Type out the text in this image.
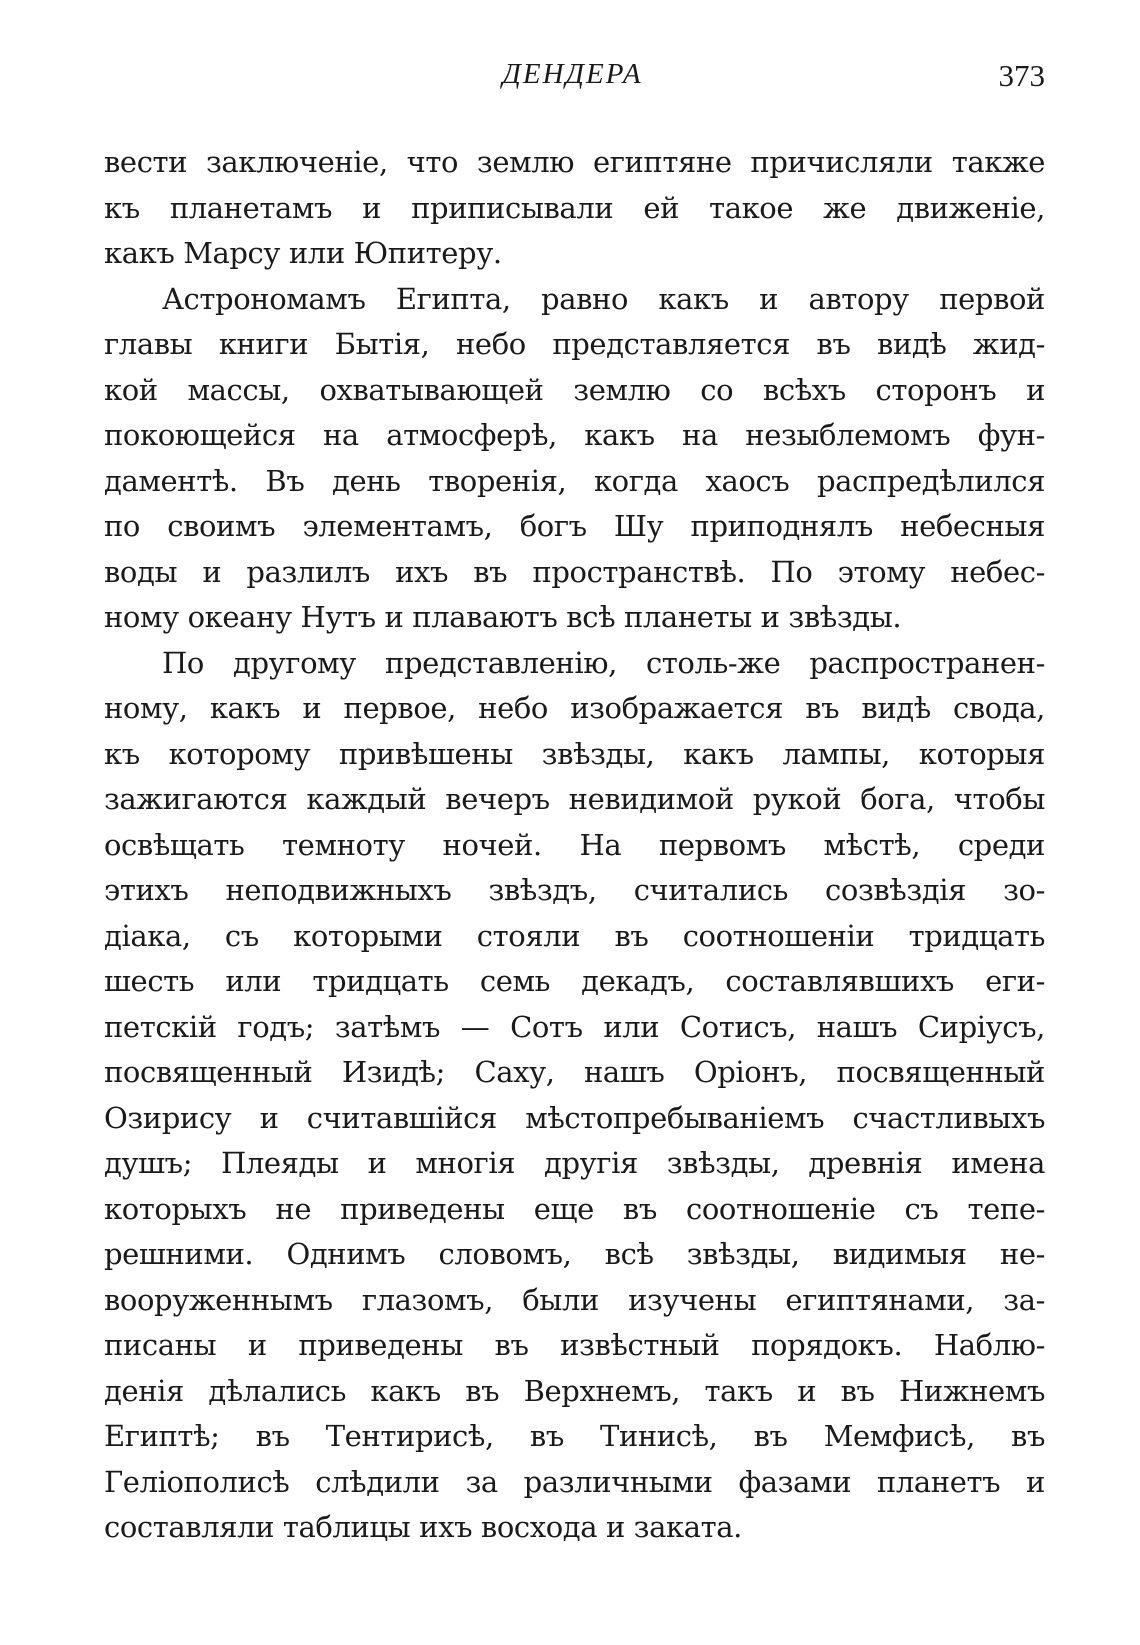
ДЕНДЕРА	373
вести заключеніе, что землю египтяне причисляли также
къ планетамъ и приписывали ей такое же движеніе,
какъ Марсу или Юпитеру.
Астрономамъ Египта, равно какъ и автору первой
главы книги Бытія, небо представляется въ видѣ жид-
кой массы, охватывающей землю со всѣхъ сторонъ и
покоющейся на атмосферѣ, какъ на незыблемомъ фун-
даментѣ. Въ день творенія, когда хаосъ распредѣлился
по своимъ элементамъ, богъ Шу приподнялъ небесныя
воды и разлилъ ихъ въ пространствѣ. По этому небес-
ному океану Нутъ и плаваютъ всѣ планеты и звѣзды.
По другому представленію, столь-же распространен-
ному, какъ и первое, небо изображается въ видѣ свода,
къ которому привѣшены звѣзды, какъ лампы, которыя
зажигаются каждый вечеръ невидимой рукой бога, чтобы
освѣщать темноту ночей. На первомъ мѣстѣ, среди
этихъ неподвижныхъ звѣздъ, считались созвѣздія зо-
діака, съ которыми стояли въ соотношеніи тридцать
шесть или тридцать семь декадъ, составлявшихъ еги-
петскій годъ; затѣмъ — Сотъ или Сотисъ, нашъ Сиріусъ,
посвященный Изидѣ; Саху, нашъ Оріонъ, посвященный
Озирису и считавшійся мѣстопребываніемъ счастливыхъ
душъ; Плеяды и многія другія звѣзды, древнія имена
которыхъ не приведены еще въ соотношеніе съ тепе-
решними. Однимъ словомъ, всѣ звѣзды, видимыя не-
вооруженнымъ глазомъ, были изучены египтянами, за-
писаны и приведены въ извѣстный порядокъ. Наблю-
денія дѣлались какъ въ Верхнемъ, такъ и въ Нижнемъ
Египтѣ; въ Тентирисѣ, въ Тинисѣ, въ Мемфисѣ, въ
Геліополисѣ слѣдили за различными фазами планетъ и
составляли таблицы ихъ восхода и заката.
